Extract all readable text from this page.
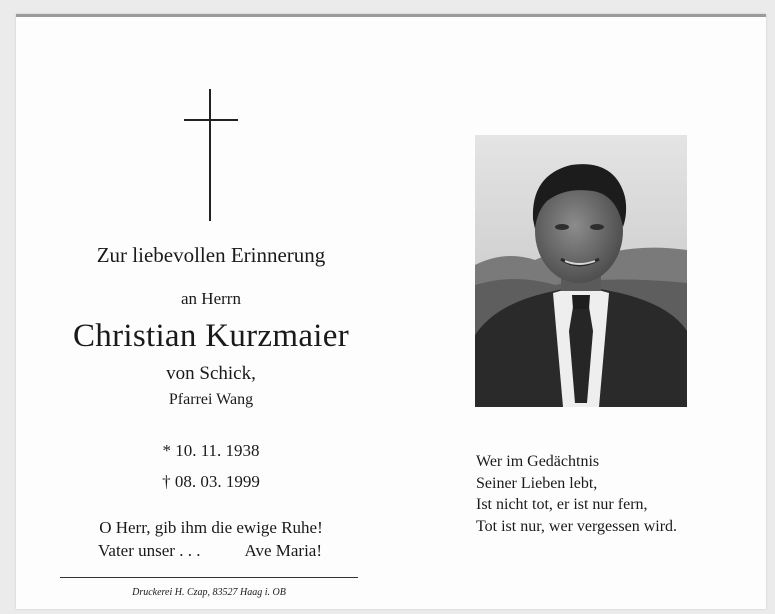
Zur liebevollen Erinnerung
an Herrn
Christian Kurzmaier
von Schick,
Pfarrei Wang
* 10. 11. 1938
† 08. 03. 1999
O Herr, gib ihm die ewige Ruhe!
Vater unser . . .	Ave Maria!
Druckerei H. Czap, 83527 Haag i. OB
Wer im Gedächtnis
Seiner Lieben lebt,
Ist nicht tot, er ist nur fern,
Tot ist nur, wer vergessen wird.
